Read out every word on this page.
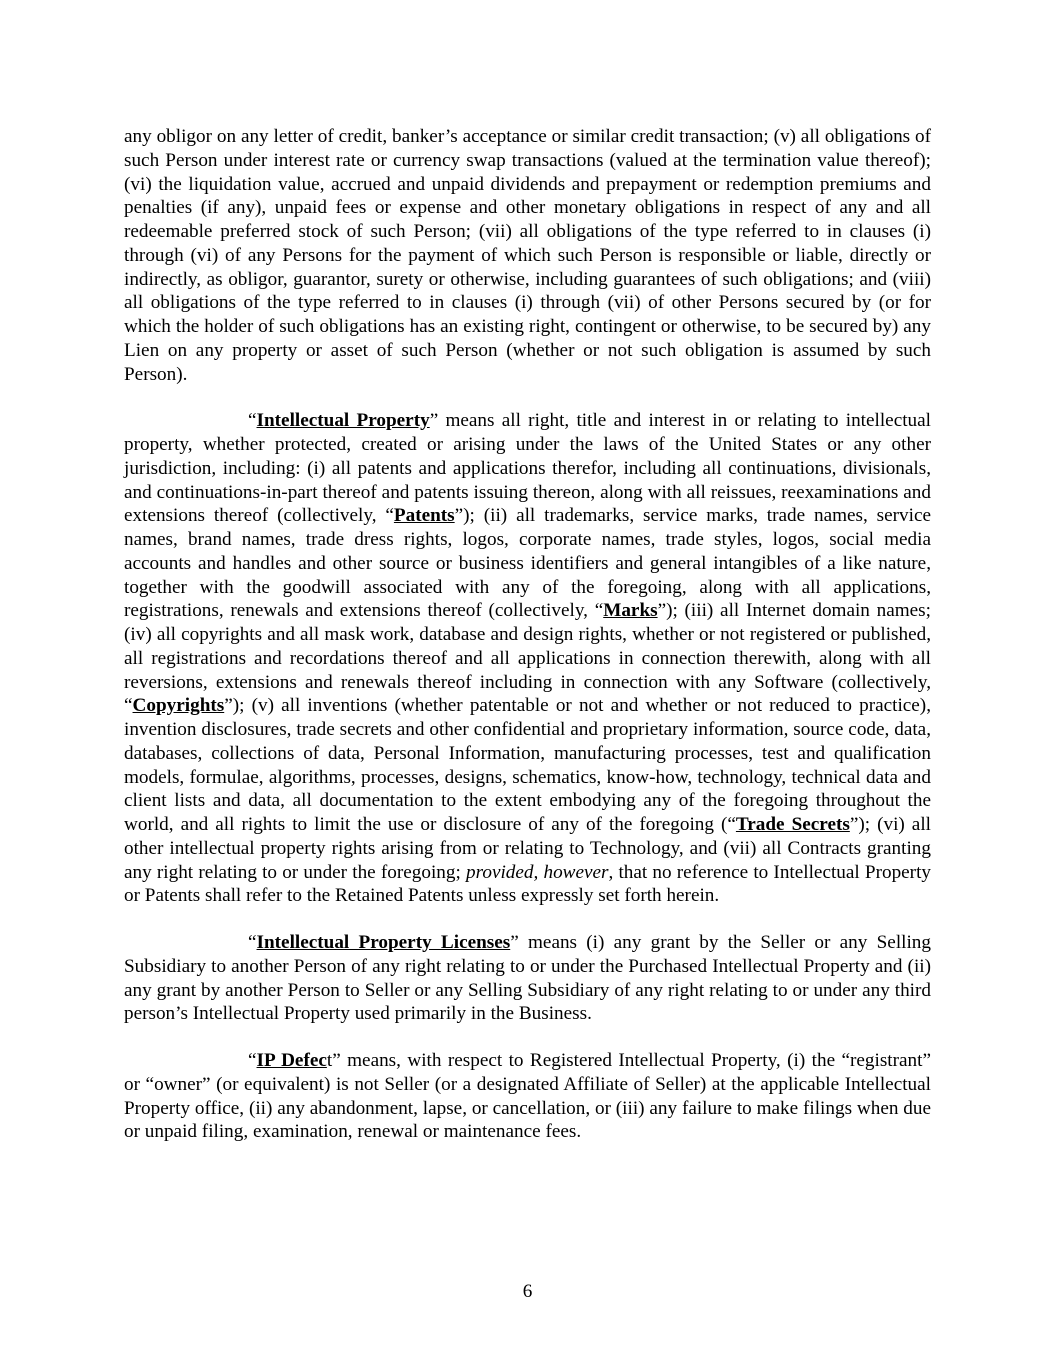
any obligor on any letter of credit, banker’s acceptance or similar credit transaction; (v) all obligations of such Person under interest rate or currency swap transactions (valued at the termination value thereof); (vi) the liquidation value, accrued and unpaid dividends and prepayment or redemption premiums and penalties (if any), unpaid fees or expense and other monetary obligations in respect of any and all redeemable preferred stock of such Person; (vii) all obligations of the type referred to in clauses (i) through (vi) of any Persons for the payment of which such Person is responsible or liable, directly or indirectly, as obligor, guarantor, surety or otherwise, including guarantees of such obligations; and (viii) all obligations of the type referred to in clauses (i) through (vii) of other Persons secured by (or for which the holder of such obligations has an existing right, contingent or otherwise, to be secured by) any Lien on any property or asset of such Person (whether or not such obligation is assumed by such Person).

“Intellectual Property” means all right, title and interest in or relating to intellectual property, whether protected, created or arising under the laws of the United States or any other jurisdiction, including: (i) all patents and applications therefor, including all continuations, divisionals, and continuations-in-part thereof and patents issuing thereon, along with all reissues, reexaminations and extensions thereof (collectively, “Patents”); (ii) all trademarks, service marks, trade names, service names, brand names, trade dress rights, logos, corporate names, trade styles, logos, social media accounts and handles and other source or business identifiers and general intangibles of a like nature, together with the goodwill associated with any of the foregoing, along with all applications, registrations, renewals and extensions thereof (collectively, “Marks”); (iii) all Internet domain names; (iv) all copyrights and all mask work, database and design rights, whether or not registered or published, all registrations and recordations thereof and all applications in connection therewith, along with all reversions, extensions and renewals thereof including in connection with any Software (collectively, “Copyrights”); (v) all inventions (whether patentable or not and whether or not reduced to practice), invention disclosures, trade secrets and other confidential and proprietary information, source code, data, databases, collections of data, Personal Information, manufacturing processes, test and qualification models, formulae, algorithms, processes, designs, schematics, know-how, technology, technical data and client lists and data, all documentation to the extent embodying any of the foregoing throughout the world, and all rights to limit the use or disclosure of any of the foregoing (“Trade Secrets”); (vi) all other intellectual property rights arising from or relating to Technology, and (vii) all Contracts granting any right relating to or under the foregoing; provided, however, that no reference to Intellectual Property or Patents shall refer to the Retained Patents unless expressly set forth herein.

“Intellectual Property Licenses” means (i) any grant by the Seller or any Selling Subsidiary to another Person of any right relating to or under the Purchased Intellectual Property and (ii) any grant by another Person to Seller or any Selling Subsidiary of any right relating to or under any third person’s Intellectual Property used primarily in the Business.

“IP Defect” means, with respect to Registered Intellectual Property, (i) the “registrant” or “owner” (or equivalent) is not Seller (or a designated Affiliate of Seller) at the applicable Intellectual Property office, (ii) any abandonment, lapse, or cancellation, or (iii) any failure to make filings when due or unpaid filing, examination, renewal or maintenance fees.

6
